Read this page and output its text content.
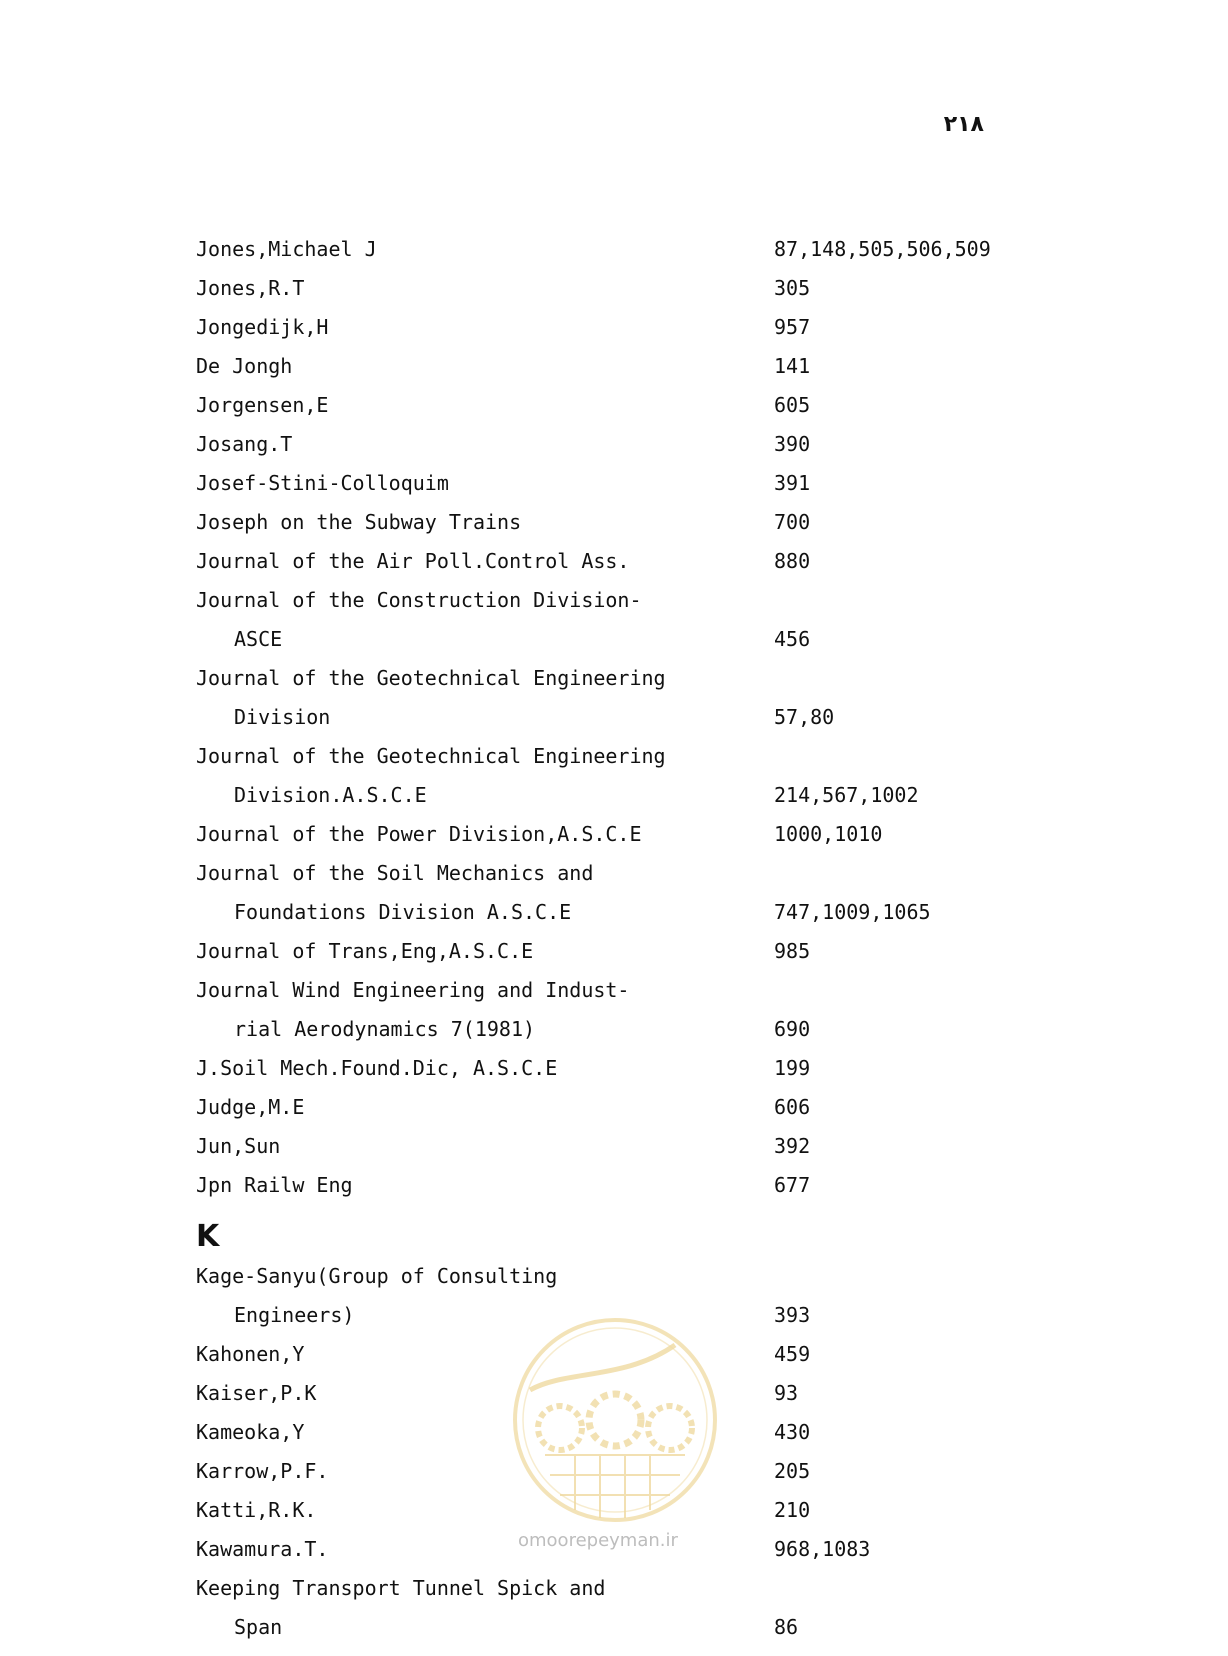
۲۱۸
Jones,Michael J	87,148,505,506,509
Jones,R.T	305
Jongedijk,H	957
De Jongh	141
Jorgensen,E	605
Josang.T	390
Josef-Stini-Colloquim	391
Joseph on the Subway Trains	700
Journal of the Air Poll.Control Ass.	880
Journal of the Construction Division-
ASCE	456
Journal of the Geotechnical Engineering
Division	57,80
Journal of the Geotechnical Engineering
Division.A.S.C.E	214,567,1002
Journal of the Power Division,A.S.C.E	1000,1010
Journal of the Soil Mechanics and
Foundations Division A.S.C.E	747,1009,1065
Journal of Trans,Eng,A.S.C.E	985
Journal Wind Engineering and Indust-
rial Aerodynamics 7(1981)	690
J.Soil Mech.Found.Dic, A.S.C.E	199
Judge,M.E	606
Jun,Sun	392
Jpn Railw Eng	677
K
Kage-Sanyu(Group of Consulting
Engineers)	393
Kahonen,Y	459
Kaiser,P.K	93
Kameoka,Y	430
Karrow,P.F.	205
Katti,R.K.	210
Kawamura.T.	968,1083
Keeping Transport Tunnel Spick and
Span	86
omoorepeyman.ir
